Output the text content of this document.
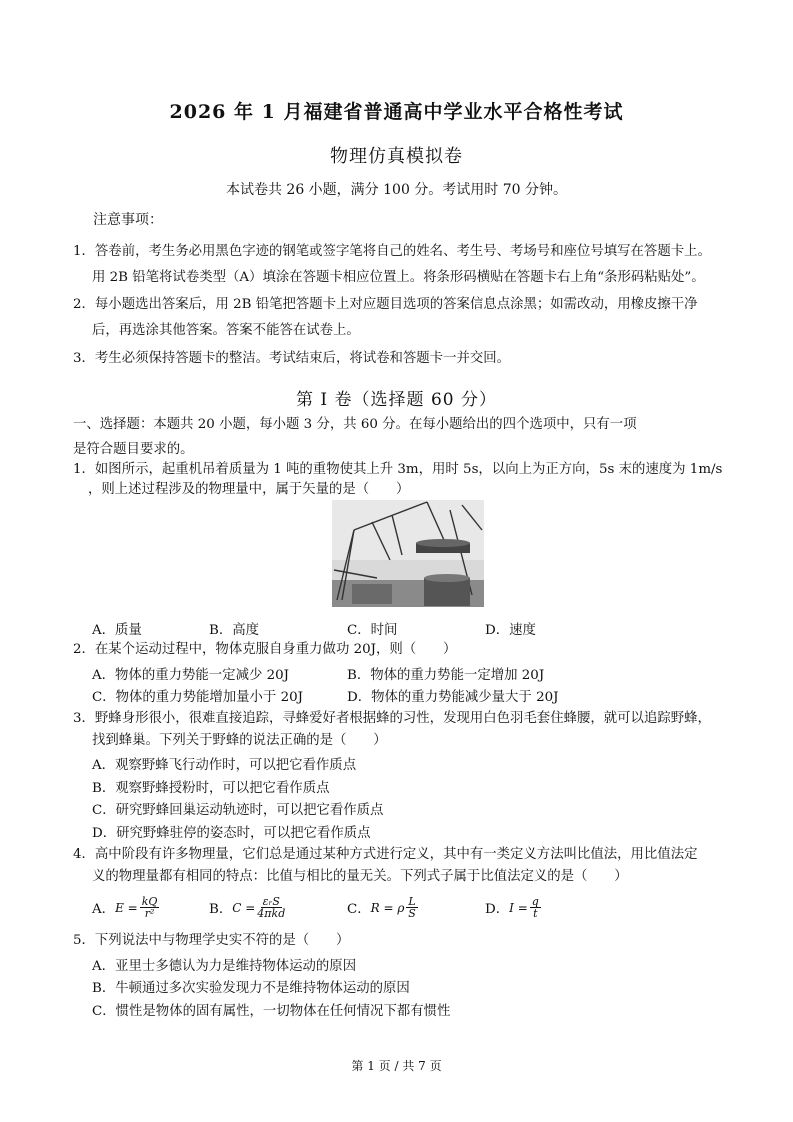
2026 年 1 月福建省普通高中学业水平合格性考试
物理仿真模拟卷
本试卷共 26 小题，满分 100 分。考试用时 70 分钟。
注意事项：
1．答卷前，考生务必用黑色字迹的钢笔或签字笔将自己的姓名、考生号、考场号和座位号填写在答题卡上。
用 2B 铅笔将试卷类型（A）填涂在答题卡相应位置上。将条形码横贴在答题卡右上角“条形码粘贴处”。
2．每小题选出答案后，用 2B 铅笔把答题卡上对应题目选项的答案信息点涂黑；如需改动，用橡皮擦干净
后，再选涂其他答案。答案不能答在试卷上。
3．考生必须保持答题卡的整洁。考试结束后，将试卷和答题卡一并交回。
第 I 卷（选择题 60 分）
一、选择题：本题共 20 小题，每小题 3 分，共 60 分。在每小题给出的四个选项中，只有一项
是符合题目要求的。
1．如图所示，起重机吊着质量为 1 吨的重物使其上升 3m，用时 5s，以向上为正方向，5s 末的速度为 1m/s
，则上述过程涉及的物理量中，属于矢量的是（　　）
A．质量	B．高度	C．时间	D．速度
2．在某个运动过程中，物体克服自身重力做功 20J，则（　　）
A．物体的重力势能一定减少 20J	B．物体的重力势能一定增加 20J
C．物体的重力势能增加量小于 20J	D．物体的重力势能减少量大于 20J
3．野蜂身形很小，很难直接追踪，寻蜂爱好者根据蜂的习性，发现用白色羽毛套住蜂腰，就可以追踪野蜂，
找到蜂巢。下列关于野蜂的说法正确的是（　　）
A．观察野蜂飞行动作时，可以把它看作质点
B．观察野蜂授粉时，可以把它看作质点
C．研究野蜂回巢运动轨迹时，可以把它看作质点
D．研究野蜂驻停的姿态时，可以把它看作质点
4．高中阶段有许多物理量，它们总是通过某种方式进行定义，其中有一类定义方法叫比值法，用比值法定
义的物理量都有相同的特点：比值与相比的量无关。下列式子属于比值法定义的是（　　）
A． $E = \frac{kQ}{\text{r²}}$	B． $C = \frac{\text{εᵣS}}{\text{4πkd}}$	C． R = ρ $\frac{L}{S}$	D． $I = \frac{q}{t}$
5．下列说法中与物理学史实不符的是（　　）
A．亚里士多德认为力是维持物体运动的原因
B．牛顿通过多次实验发现力不是维持物体运动的原因
C．惯性是物体的固有属性，一切物体在任何情况下都有惯性
第 1 页 / 共 7 页
